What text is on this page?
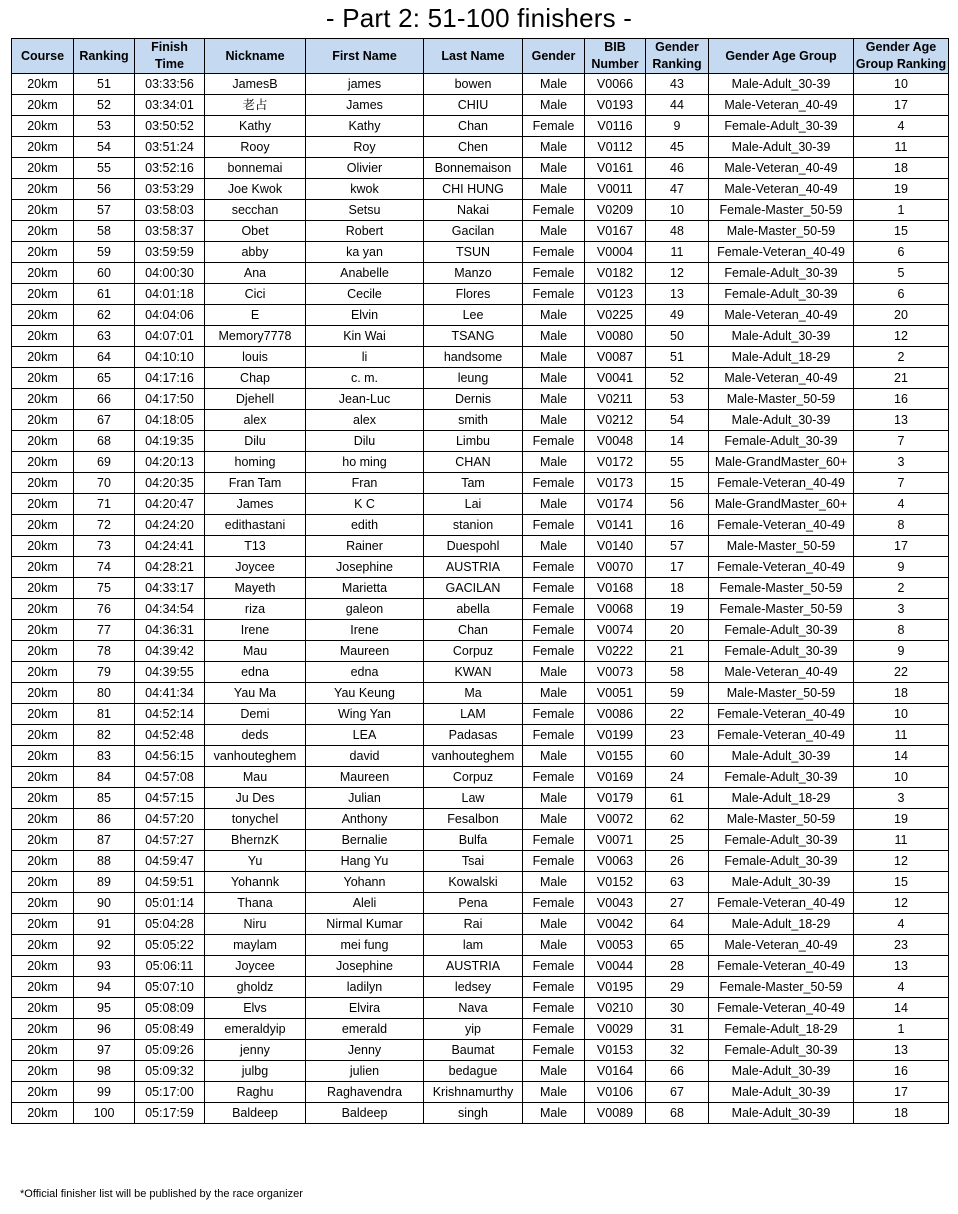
- Part 2: 51-100 finishers -
Course	Ranking	Finish Time	Nickname	First Name	Last Name	Gender	BIB Number	Gender Ranking	Gender Age Group	Gender Age Group Ranking
20km	51	03:33:56	JamesB	james	bowen	Male	V0066	43	Male-Adult_30-39	10
20km	52	03:34:01	老占	James	CHIU	Male	V0193	44	Male-Veteran_40-49	17
20km	53	03:50:52	Kathy	Kathy	Chan	Female	V0116	9	Female-Adult_30-39	4
20km	54	03:51:24	Rooy	Roy	Chen	Male	V0112	45	Male-Adult_30-39	11
20km	55	03:52:16	bonnemai	Olivier	Bonnemaison	Male	V0161	46	Male-Veteran_40-49	18
20km	56	03:53:29	Joe Kwok	kwok	CHI HUNG	Male	V0011	47	Male-Veteran_40-49	19
20km	57	03:58:03	secchan	Setsu	Nakai	Female	V0209	10	Female-Master_50-59	1
20km	58	03:58:37	Obet	Robert	Gacilan	Male	V0167	48	Male-Master_50-59	15
20km	59	03:59:59	abby	ka yan	TSUN	Female	V0004	11	Female-Veteran_40-49	6
20km	60	04:00:30	Ana	Anabelle	Manzo	Female	V0182	12	Female-Adult_30-39	5
20km	61	04:01:18	Cici	Cecile	Flores	Female	V0123	13	Female-Adult_30-39	6
20km	62	04:04:06	E	Elvin	Lee	Male	V0225	49	Male-Veteran_40-49	20
20km	63	04:07:01	Memory7778	Kin Wai	TSANG	Male	V0080	50	Male-Adult_30-39	12
20km	64	04:10:10	louis	li	handsome	Male	V0087	51	Male-Adult_18-29	2
20km	65	04:17:16	Chap	c. m.	leung	Male	V0041	52	Male-Veteran_40-49	21
20km	66	04:17:50	Djehell	Jean-Luc	Dernis	Male	V0211	53	Male-Master_50-59	16
20km	67	04:18:05	alex	alex	smith	Male	V0212	54	Male-Adult_30-39	13
20km	68	04:19:35	Dilu	Dilu	Limbu	Female	V0048	14	Female-Adult_30-39	7
20km	69	04:20:13	homing	ho ming	CHAN	Male	V0172	55	Male-GrandMaster_60+	3
20km	70	04:20:35	Fran Tam	Fran	Tam	Female	V0173	15	Female-Veteran_40-49	7
20km	71	04:20:47	James	K C	Lai	Male	V0174	56	Male-GrandMaster_60+	4
20km	72	04:24:20	edithastani	edith	stanion	Female	V0141	16	Female-Veteran_40-49	8
20km	73	04:24:41	T13	Rainer	Duespohl	Male	V0140	57	Male-Master_50-59	17
20km	74	04:28:21	Joycee	Josephine	AUSTRIA	Female	V0070	17	Female-Veteran_40-49	9
20km	75	04:33:17	Mayeth	Marietta	GACILAN	Female	V0168	18	Female-Master_50-59	2
20km	76	04:34:54	riza	galeon	abella	Female	V0068	19	Female-Master_50-59	3
20km	77	04:36:31	Irene	Irene	Chan	Female	V0074	20	Female-Adult_30-39	8
20km	78	04:39:42	Mau	Maureen	Corpuz	Female	V0222	21	Female-Adult_30-39	9
20km	79	04:39:55	edna	edna	KWAN	Male	V0073	58	Male-Veteran_40-49	22
20km	80	04:41:34	Yau Ma	Yau Keung	Ma	Male	V0051	59	Male-Master_50-59	18
20km	81	04:52:14	Demi	Wing Yan	LAM	Female	V0086	22	Female-Veteran_40-49	10
20km	82	04:52:48	deds	LEA	Padasas	Female	V0199	23	Female-Veteran_40-49	11
20km	83	04:56:15	vanhouteghem	david	vanhouteghem	Male	V0155	60	Male-Adult_30-39	14
20km	84	04:57:08	Mau	Maureen	Corpuz	Female	V0169	24	Female-Adult_30-39	10
20km	85	04:57:15	Ju Des	Julian	Law	Male	V0179	61	Male-Adult_18-29	3
20km	86	04:57:20	tonychel	Anthony	Fesalbon	Male	V0072	62	Male-Master_50-59	19
20km	87	04:57:27	BhernzK	Bernalie	Bulfa	Female	V0071	25	Female-Adult_30-39	11
20km	88	04:59:47	Yu	Hang Yu	Tsai	Female	V0063	26	Female-Adult_30-39	12
20km	89	04:59:51	Yohannk	Yohann	Kowalski	Male	V0152	63	Male-Adult_30-39	15
20km	90	05:01:14	Thana	Aleli	Pena	Female	V0043	27	Female-Veteran_40-49	12
20km	91	05:04:28	Niru	Nirmal Kumar	Rai	Male	V0042	64	Male-Adult_18-29	4
20km	92	05:05:22	maylam	mei fung	lam	Male	V0053	65	Male-Veteran_40-49	23
20km	93	05:06:11	Joycee	Josephine	AUSTRIA	Female	V0044	28	Female-Veteran_40-49	13
20km	94	05:07:10	gholdz	ladilyn	ledsey	Female	V0195	29	Female-Master_50-59	4
20km	95	05:08:09	Elvs	Elvira	Nava	Female	V0210	30	Female-Veteran_40-49	14
20km	96	05:08:49	emeraldyip	emerald	yip	Female	V0029	31	Female-Adult_18-29	1
20km	97	05:09:26	jenny	Jenny	Baumat	Female	V0153	32	Female-Adult_30-39	13
20km	98	05:09:32	julbg	julien	bedague	Male	V0164	66	Male-Adult_30-39	16
20km	99	05:17:00	Raghu	Raghavendra	Krishnamurthy	Male	V0106	67	Male-Adult_30-39	17
20km	100	05:17:59	Baldeep	Baldeep	singh	Male	V0089	68	Male-Adult_30-39	18
*Official finisher list will be published by the race organizer
